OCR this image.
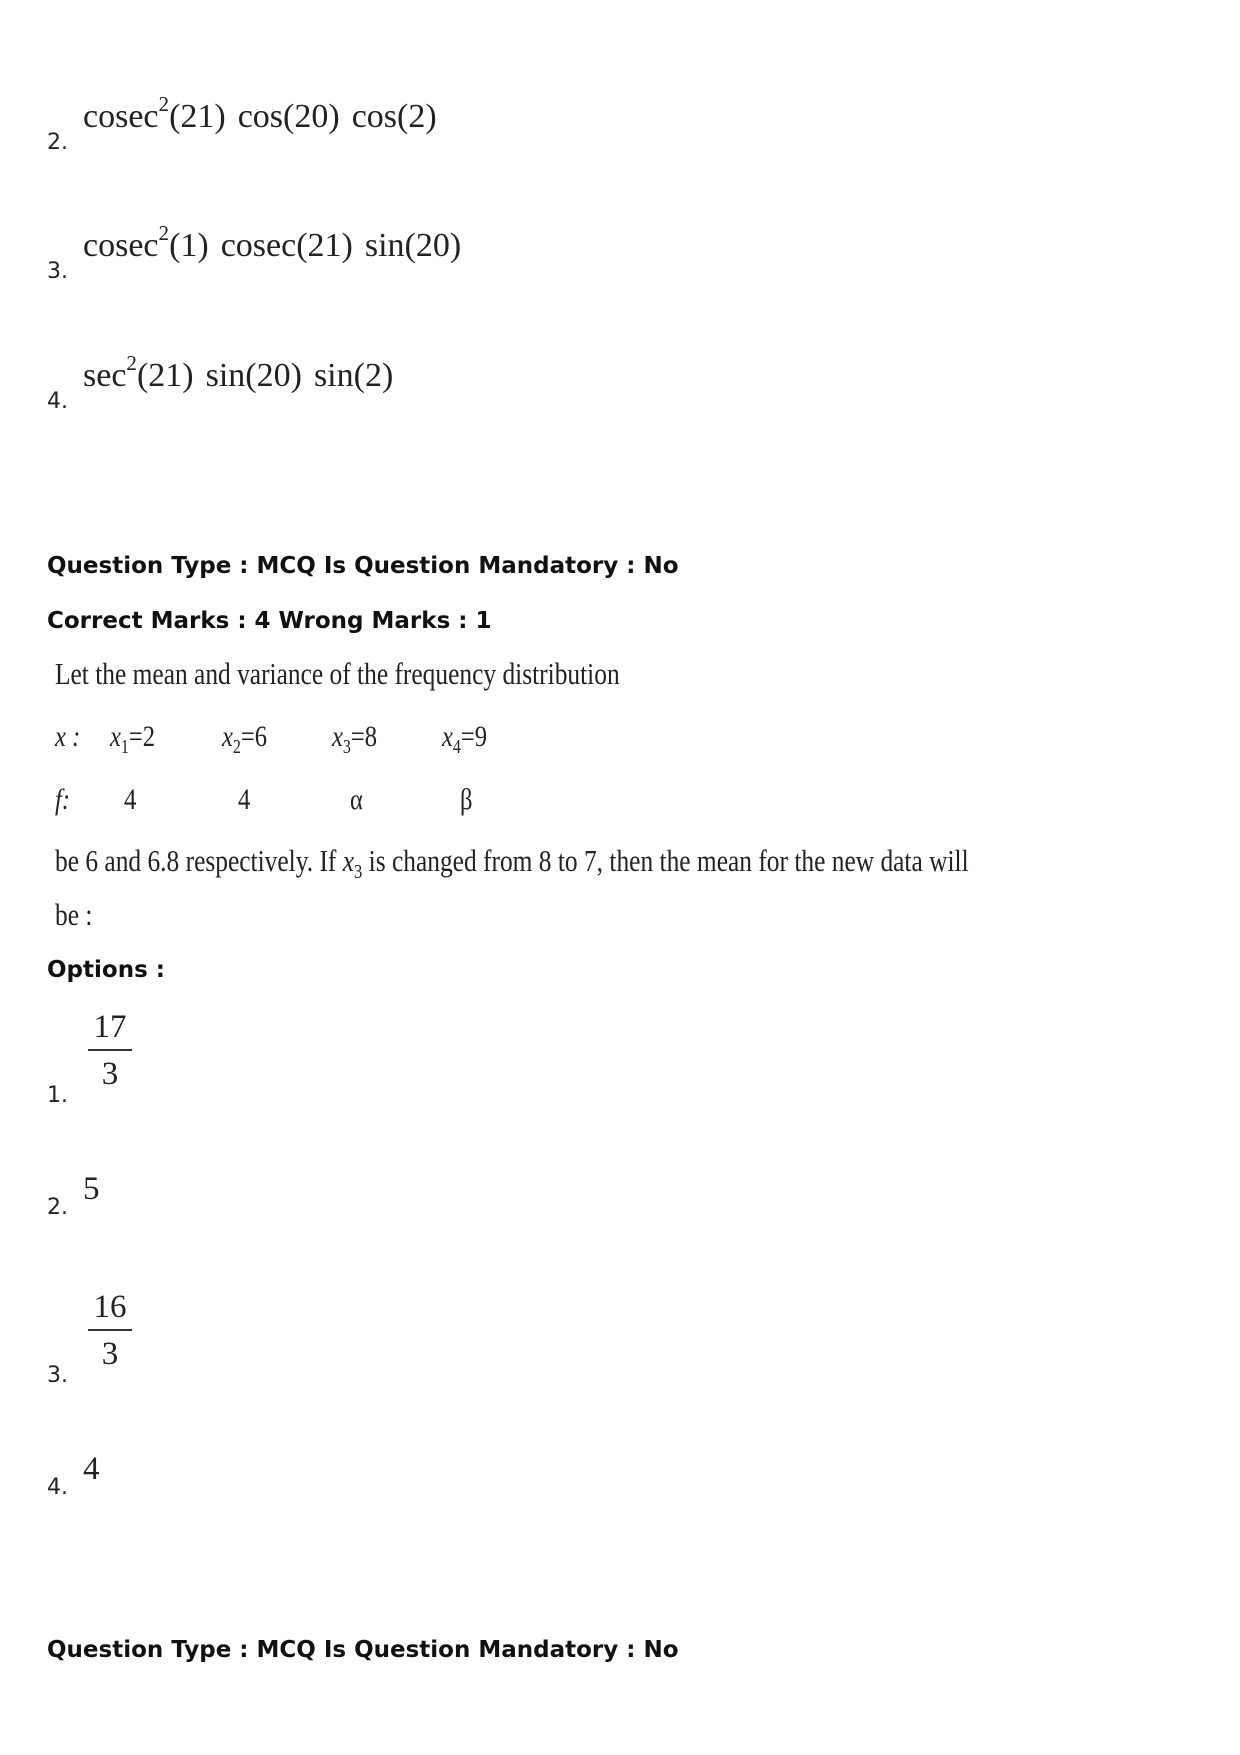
2.
cosec$^2$(21) cos(20) cos(2)
3.
cosec$^2$(1) cosec(21) sin(20)
4.
$\sec^2(21)$ sin(20) sin(2)
Question Type : MCQ Is Question Mandatory : No
Correct Marks : 4 Wrong Marks : 1
Let the mean and variance of the frequency distribution
x : $x_1=2$ $x_2=6$ $x_3=8$ $x_4=9$
f: 4	4	α	β
be 6 and 6.8 respectively. If $x_3$ is changed from 8 to 7, then the mean for the new data will
be :
Options :
1.
17
3
2.
5
3.
16
3
4.
4
Question Type : MCQ Is Question Mandatory : No
